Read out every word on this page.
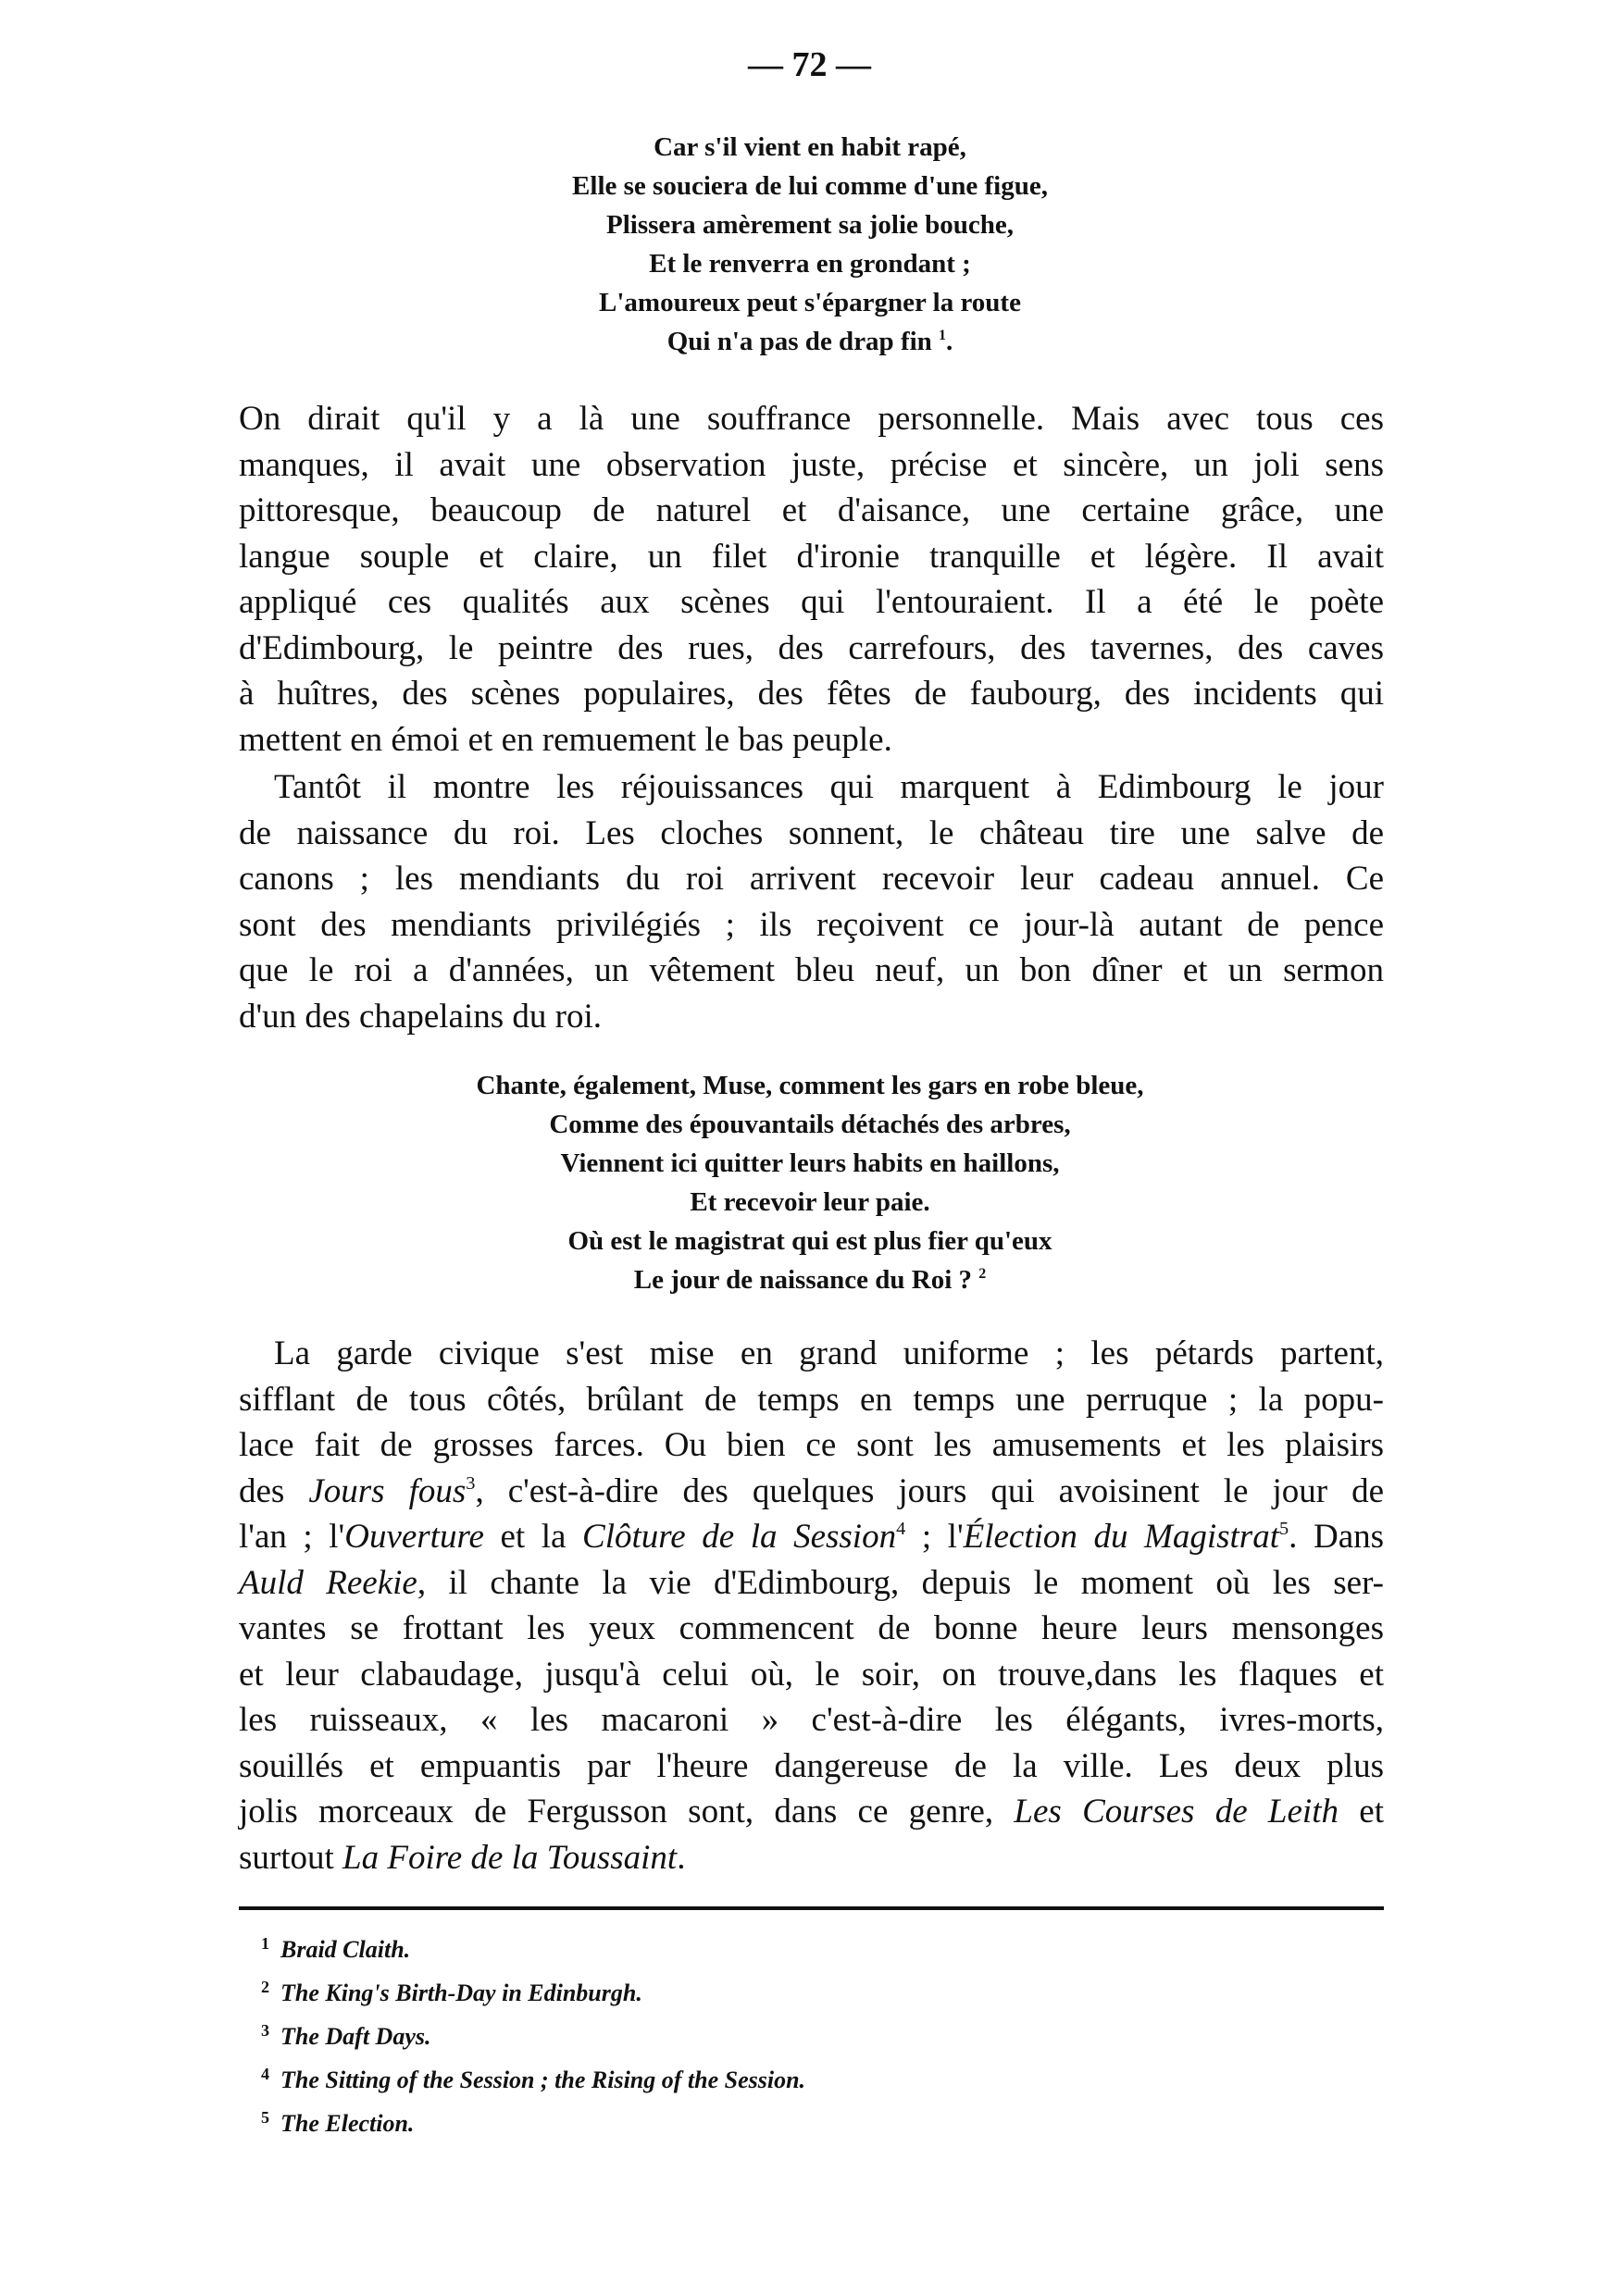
— 72 —
Car s'il vient en habit rapé,
Elle se souciera de lui comme d'une figue,
Plissera amèrement sa jolie bouche,
Et le renverra en grondant ;
L'amoureux peut s'épargner la route
Qui n'a pas de drap fin $^1$.
On dirait qu'il y a là une souffrance personnelle. Mais avec tous ces
manques, il avait une observation juste, précise et sincère, un joli sens
pittoresque, beaucoup de naturel et d'aisance, une certaine grâce, une
langue souple et claire, un filet d'ironie tranquille et légère. Il avait
appliqué ces qualités aux scènes qui l'entouraient. Il a été le poète
d'Edimbourg, le peintre des rues, des carrefours, des tavernes, des caves
à huîtres, des scènes populaires, des fêtes de faubourg, des incidents qui
mettent en émoi et en remuement le bas peuple.
Tantôt il montre les réjouissances qui marquent à Edimbourg le jour
de naissance du roi. Les cloches sonnent, le château tire une salve de
canons ; les mendiants du roi arrivent recevoir leur cadeau annuel. Ce
sont des mendiants privilégiés ; ils reçoivent ce jour-là autant de pence
que le roi a d'années, un vêtement bleu neuf, un bon dîner et un sermon
d'un des chapelains du roi.
Chante, également, Muse, comment les gars en robe bleue,
Comme des épouvantails détachés des arbres,
Viennent ici quitter leurs habits en haillons,
Et recevoir leur paie.
Où est le magistrat qui est plus fier qu'eux
Le jour de naissance du Roi ? $^2$
La garde civique s'est mise en grand uniforme ; les pétards partent,
sifflant de tous côtés, brûlant de temps en temps une perruque ; la popu-
lace fait de grosses farces. Ou bien ce sont les amusements et les plaisirs
des Jours fous$^3$, c'est-à-dire des quelques jours qui avoisinent le jour de
l'an ; l'Ouverture et la Clôture de la Session$^4$ ; l'Élection du Magistrat$^5$. Dans
Auld Reekie, il chante la vie d'Edimbourg, depuis le moment où les ser-
vantes se frottant les yeux commencent de bonne heure leurs mensonges
et leur clabaudage, jusqu'à celui où, le soir, on trouve,dans les flaques et
les ruisseaux, « les macaroni » c'est-à-dire les élégants, ivres-morts,
souillés et empuantis par l'heure dangereuse de la ville. Les deux plus
jolis morceaux de Fergusson sont, dans ce genre, Les Courses de Leith et
surtout La Foire de la Toussaint.
$^1$ Braid Claith.
$^2$ The King's Birth-Day in Edinburgh.
$^3$ The Daft Days.
$^4$ The Sitting of the Session ; the Rising of the Session.
$^5$ The Election.
